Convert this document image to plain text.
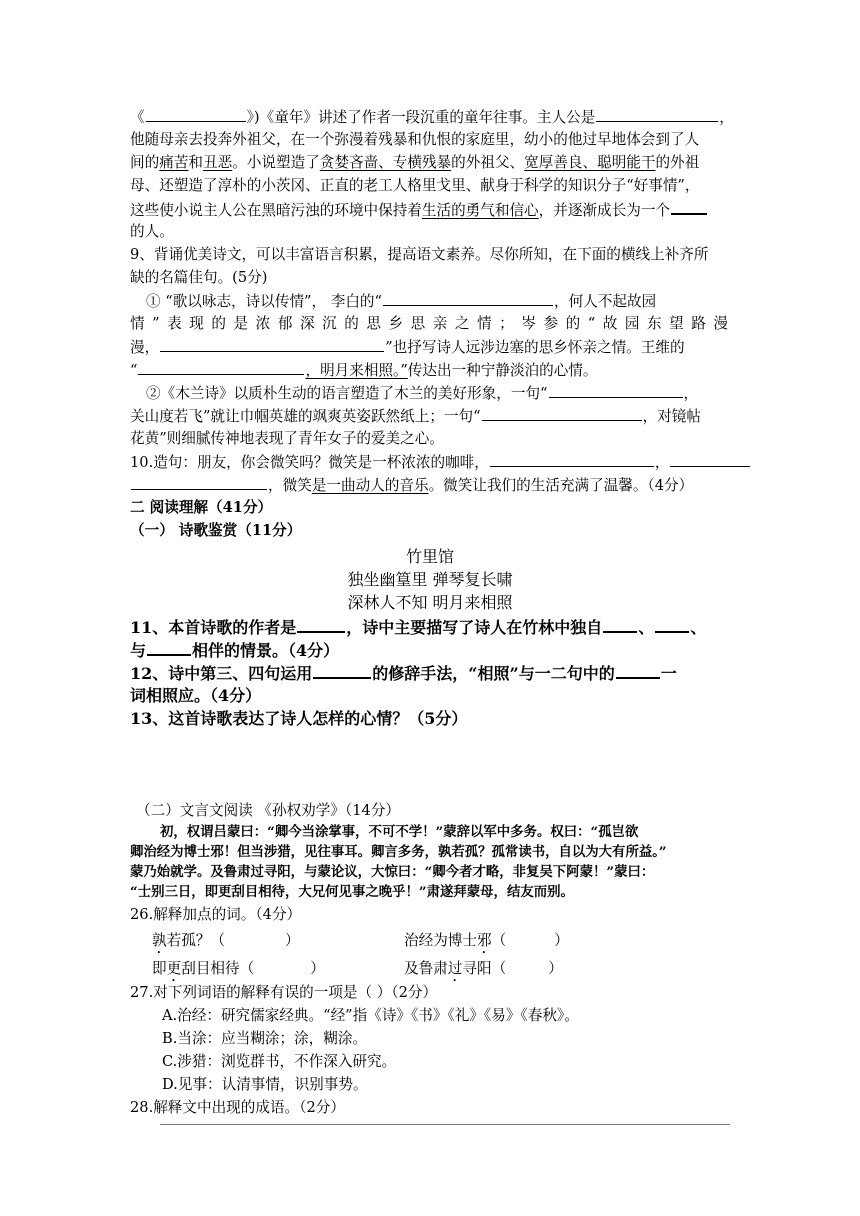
《	》)《童年》讲述了作者一段沉重的童年往事。主人公是	，
他随母亲去投奔外祖父，在一个弥漫着残暴和仇恨的家庭里，幼小的他过早地体会到了人
间的痛苦和丑恶。小说塑造了贪婪吝啬、专横残暴的外祖父、宽厚善良、聪明能干的外祖
母、还塑造了淳朴的小茨冈、正直的老工人格里戈里、献身于科学的知识分子“好事情”，
这些使小说主人公在黑暗污浊的环境中保持着生活的勇气和信心，并逐渐成长为一个
的人。
9、背诵优美诗文，可以丰富语言积累，提高语文素养。尽你所知，在下面的横线上补齐所
缺的名篇佳句。(5分)
① “歌以咏志，诗以传情”， 李白的“	，何人不起故园
情”表现的是浓郁深沉的思乡思亲之情；岑参的“故园东望路漫
漫，	”也抒写诗人远涉边塞的思乡怀亲之情。王维的
“	，明月来相照。”传达出一种宁静淡泊的心情。
②《木兰诗》以质朴生动的语言塑造了木兰的美好形象，一句“	，
关山度若飞”就让巾帼英雄的飒爽英姿跃然纸上；一句“	，对镜帖
花黄”则细腻传神地表现了青年女子的爱美之心。
10.造句：朋友，你会微笑吗？微笑是一杯浓浓的咖啡，	，
，微笑是一曲动人的音乐。微笑让我们的生活充满了温馨。（4分）
二 阅读理解（41分）
（一） 诗歌鉴赏（11分）
竹里馆
独坐幽篁里 弹琴复长啸
深林人不知 明月来相照
11、本首诗歌的作者是	，诗中主要描写了诗人在竹林中独自 、 、
与	相伴的情景。（4分）
12、诗中第三、四句运用	的修辞手法，“相照”与一二句中的	一
词相照应。（4分）
13、这首诗歌表达了诗人怎样的心情？（5分）
（二）文言文阅读 《孙权劝学》（14分）
初，权谓吕蒙曰：“卿今当涂掌事，不可不学！”蒙辞以军中多务。权曰：“孤岂欲
卿治经为博士邪！但当涉猎，见往事耳。卿言多务，孰若孤？孤常读书，自以为大有所益。”
蒙乃始就学。及鲁肃过寻阳，与蒙论议，大惊曰：“卿今者才略，非复吴下阿蒙！”蒙曰：
“士别三日，即更刮目相待，大兄何见事之晚乎！”肃遂拜蒙母，结友而别。
26.解释加点的词。（4分）
孰若孤？（	）	治经为博士邪（	）
即更刮目相待（	）	及鲁肃过寻阳（	）
27.对下列词语的解释有误的一项是（ ）（2分）
A.治经：研究儒家经典。“经”指《诗》《书》《礼》《易》《春秋》。
B.当涂：应当糊涂；涂，糊涂。
C.涉猎：浏览群书，不作深入研究。
D.见事：认清事情，识别事势。
28.解释文中出现的成语。（2分）
